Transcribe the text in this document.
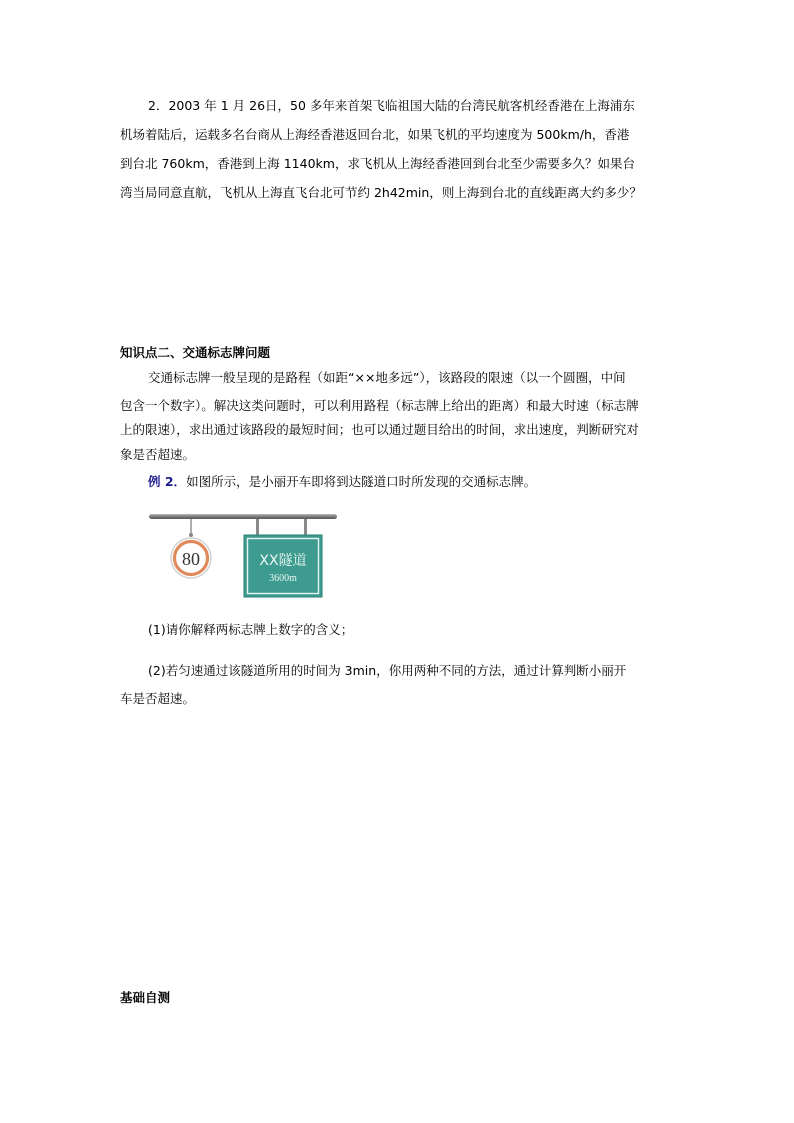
2．2003 年 1 月 26日，50 多年来首架飞临祖国大陆的台湾民航客机经香港在上海浦东

机场着陆后，运载多名台商从上海经香港返回台北，如果飞机的平均速度为 500km/h，香港

到台北 760km，香港到上海 1140km，求飞机从上海经香港回到台北至少需要多久？如果台

湾当局同意直航，飞机从上海直飞台北可节约 2h42min，则上海到台北的直线距离大约多少？

知识点二、交通标志牌问题

交通标志牌一般呈现的是路程（如距“××地多远”），该路段的限速（以一个圆圈，中间

包含一个数字）。解决这类问题时，可以利用路程（标志牌上给出的距离）和最大时速（标志牌

上的限速），求出通过该路段的最短时间；也可以通过题目给出的时间，求出速度，判断研究对

象是否超速。

例 2．如图所示，是小丽开车即将到达隧道口时所发现的交通标志牌。

80	XX隧道
3600m

(1)请你解释两标志牌上数字的含义；

(2)若匀速通过该隧道所用的时间为 3min，你用两种不同的方法，通过计算判断小丽开

车是否超速。

基础自测
